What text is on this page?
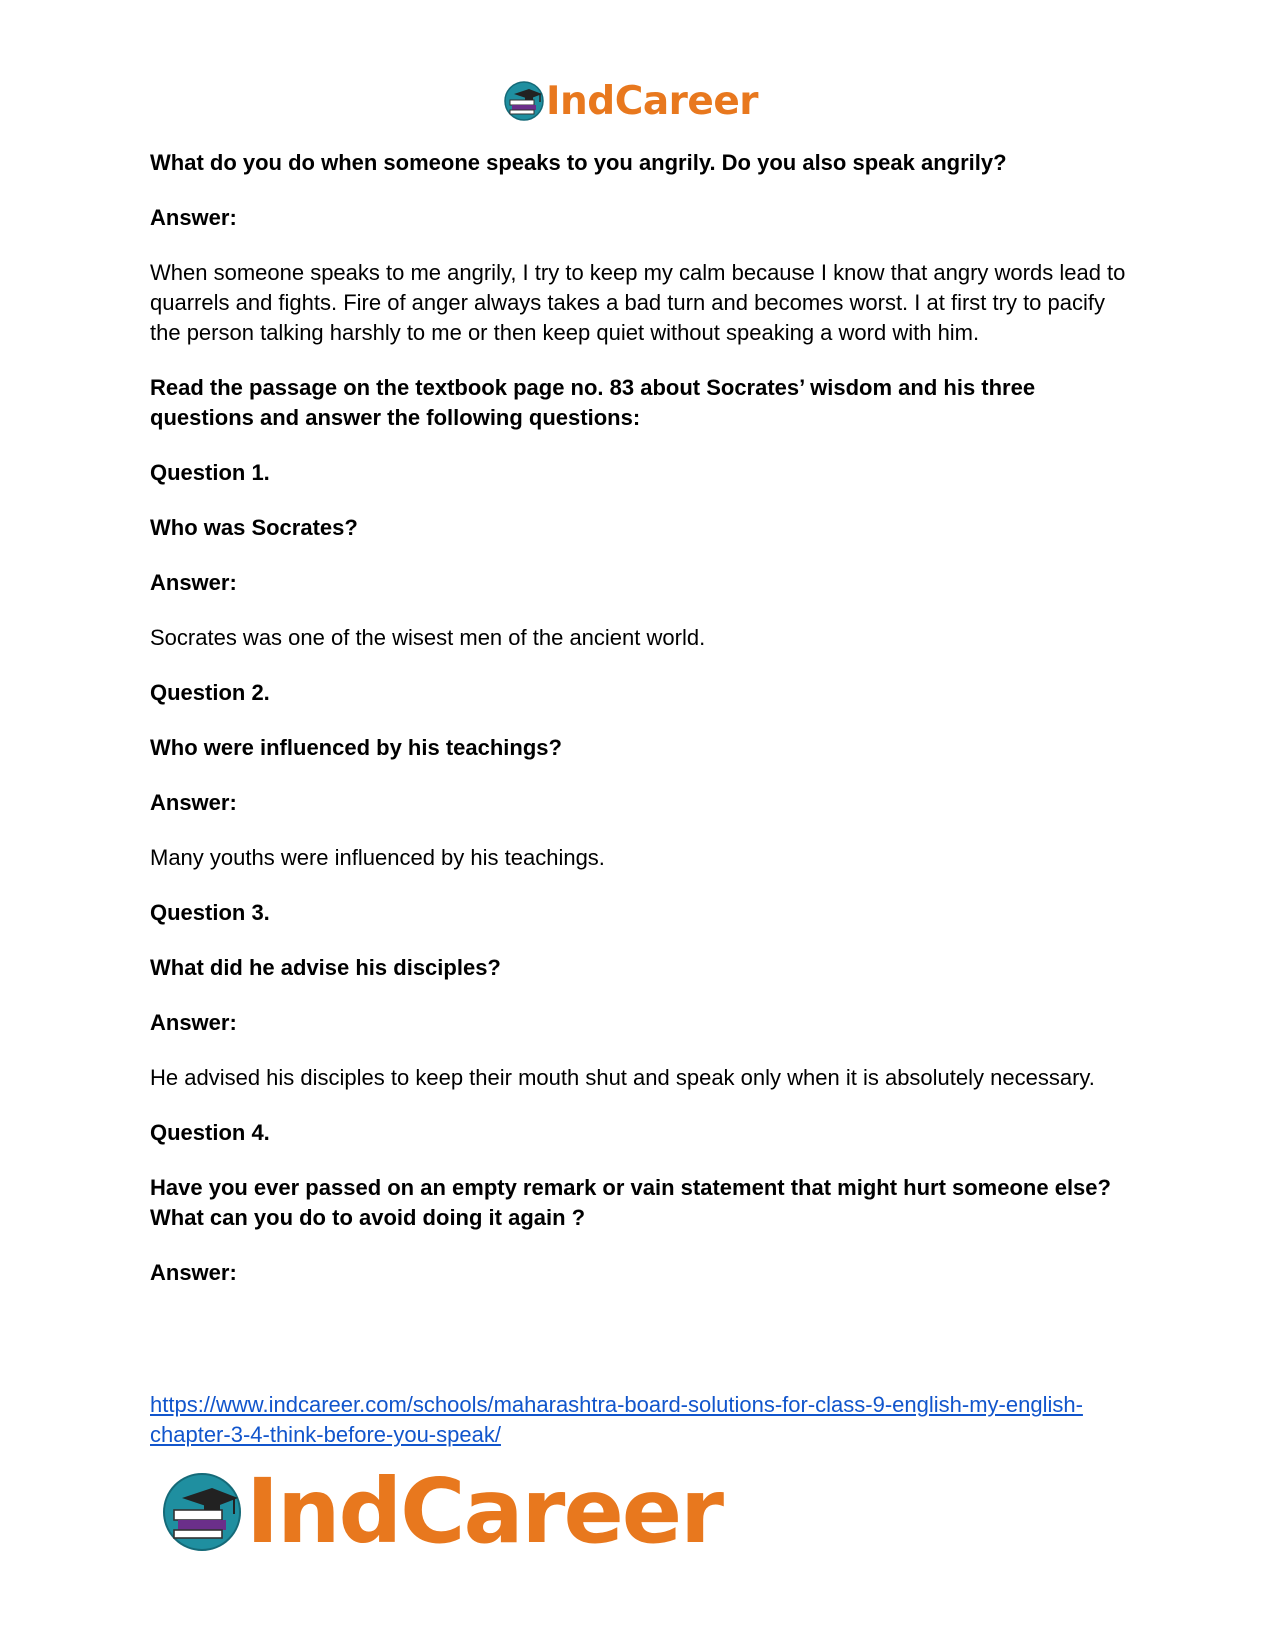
IndCareer

What do you do when someone speaks to you angrily. Do you also speak angrily?

Answer:

When someone speaks to me angrily, I try to keep my calm because I know that angry words lead to quarrels and fights. Fire of anger always takes a bad turn and becomes worst. I at first try to pacify the person talking harshly to me or then keep quiet without speaking a word with him.

Read the passage on the textbook page no. 83 about Socrates’ wisdom and his three questions and answer the following questions:

Question 1.

Who was Socrates?

Answer:

Socrates was one of the wisest men of the ancient world.

Question 2.

Who were influenced by his teachings?

Answer:

Many youths were influenced by his teachings.

Question 3.

What did he advise his disciples?

Answer:

He advised his disciples to keep their mouth shut and speak only when it is absolutely necessary.

Question 4.

Have you ever passed on an empty remark or vain statement that might hurt someone else? What can you do to avoid doing it again ?

Answer:

https://www.indcareer.com/schools/maharashtra-board-solutions-for-class-9-english-my-english-chapter-3-4-think-before-you-speak/
IndCareer
